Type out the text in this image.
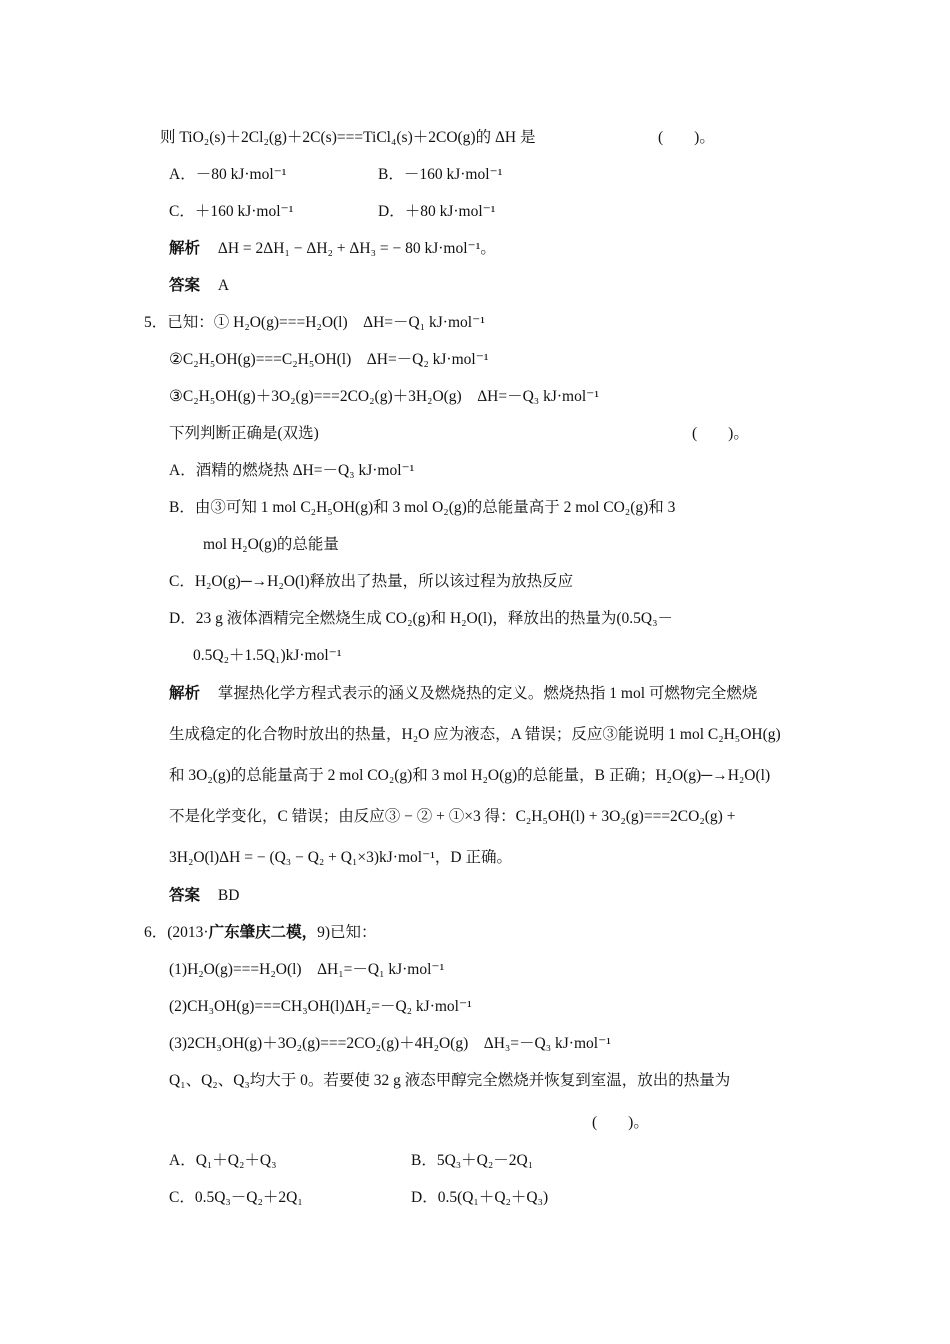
则 TiO₂(s)＋2Cl₂(g)＋2C(s)===TiCl₄(s)＋2CO(g)的 ΔH 是	(　　)。
A．－80 kJ·mol⁻¹	B．－160 kJ·mol⁻¹
C．＋160 kJ·mol⁻¹	D．＋80 kJ·mol⁻¹
解析 ΔH = 2ΔH₁ − ΔH₂ + ΔH₃ = − 80 kJ·mol⁻¹。
答案 A
5．已知：① H₂O(g)===H₂O(l)　ΔH=－Q₁ kJ·mol⁻¹
②C₂H₅OH(g)===C₂H₅OH(l)　ΔH=－Q₂ kJ·mol⁻¹
③C₂H₅OH(g)＋3O₂(g)===2CO₂(g)＋3H₂O(g)　ΔH=－Q₃ kJ·mol⁻¹
下列判断正确是(双选)	(　　)。
A．酒精的燃烧热 ΔH=－Q₃ kJ·mol⁻¹
B．由③可知 1 mol C₂H₅OH(g)和 3 mol O₂(g)的总能量高于 2 mol CO₂(g)和 3
mol H₂O(g)的总能量
C．H₂O(g)─→H₂O(l)释放出了热量，所以该过程为放热反应
D．23 g 液体酒精完全燃烧生成 CO₂(g)和 H₂O(l)，释放出的热量为(0.5Q₃－
0.5Q₂＋1.5Q₁)kJ·mol⁻¹
解析 掌握热化学方程式表示的涵义及燃烧热的定义。燃烧热指 1 mol 可燃物完全燃烧
生成稳定的化合物时放出的热量，H₂O 应为液态，A 错误；反应③能说明 1 mol C₂H₅OH(g)
和 3O₂(g)的总能量高于 2 mol CO₂(g)和 3 mol H₂O(g)的总能量，B 正确；H₂O(g)─→H₂O(l)
不是化学变化，C 错误；由反应③ − ② + ①×3 得：C₂H₅OH(l) + 3O₂(g)===2CO₂(g) +
3H₂O(l)ΔH = − (Q₃ − Q₂ + Q₁×3)kJ·mol⁻¹，D 正确。
答案 BD
6．(2013·广东肇庆二模，9)已知：
(1)H₂O(g)===H₂O(l)　ΔH₁=－Q₁ kJ·mol⁻¹
(2)CH₃OH(g)===CH₃OH(l)ΔH₂=－Q₂ kJ·mol⁻¹
(3)2CH₃OH(g)＋3O₂(g)===2CO₂(g)＋4H₂O(g)　ΔH₃=－Q₃ kJ·mol⁻¹
Q₁、Q₂、Q₃均大于 0。若要使 32 g 液态甲醇完全燃烧并恢复到室温，放出的热量为
(　　)。
A．Q₁＋Q₂＋Q₃	B．5Q₃＋Q₂－2Q₁
C．0.5Q₃－Q₂＋2Q₁	D．0.5(Q₁＋Q₂＋Q₃)
